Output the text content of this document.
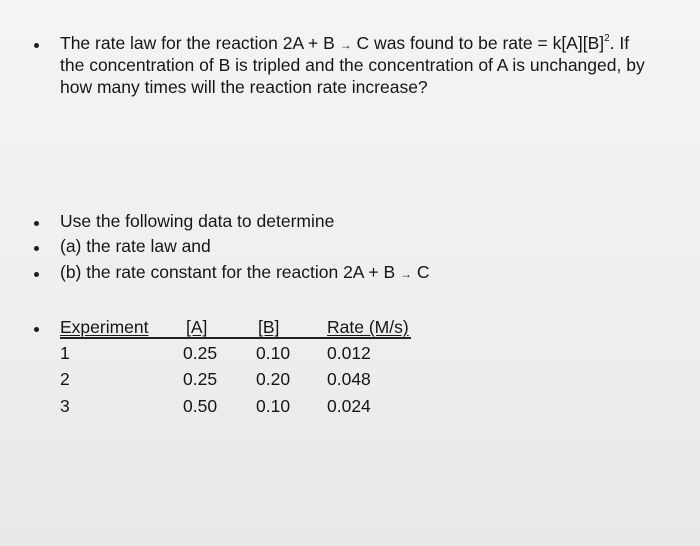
The rate law for the reaction 2A + B → C was found to be rate = $k[A][B]^2$. If
the concentration of B is tripled and the concentration of A is unchanged, by
how many times will the reaction rate increase?
Use the following data to determine
(a) the rate law and
(b) the rate constant for the reaction 2A + B → C
Experiment [A]	[B]	Rate (M/s)
1	0.25 0.10 0.012
2	0.25 0.20 0.048
3	0.50 0.10 0.024
